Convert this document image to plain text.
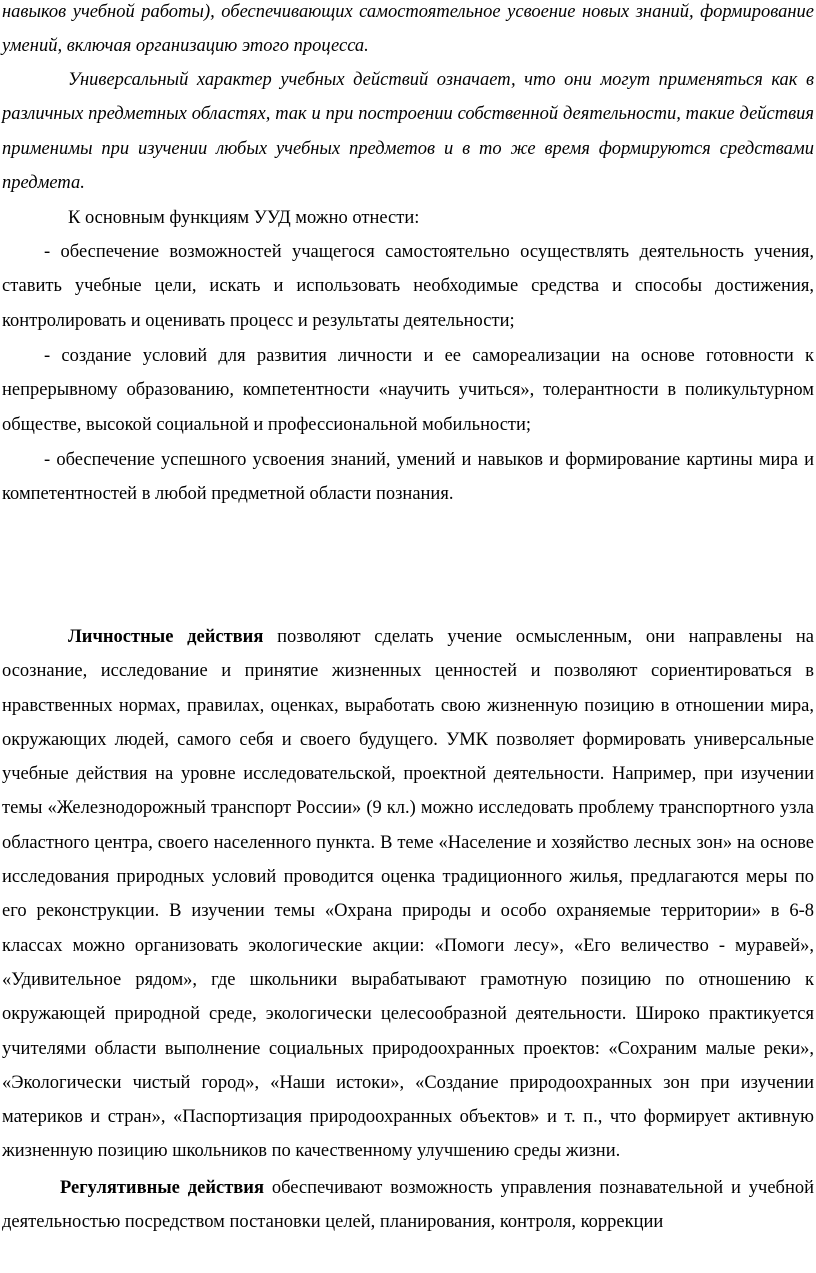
навыков учебной работы), обеспечивающих самостоятельное усвоение новых знаний, формирование умений, включая организацию этого процесса.

Универсальный характер учебных действий означает, что они могут применяться как в различных предметных областях, так и при построении собственной деятельности, такие действия применимы при изучении любых учебных предметов и в то же время формируются средствами предмета.

К основным функциям УУД можно отнести:

- обеспечение возможностей учащегося самостоятельно осуществлять деятельность учения, ставить учебные цели, искать и использовать необходимые средства и способы достижения, контролировать и оценивать процесс и результаты деятельности;

- создание условий для развития личности и ее самореализации на основе готовности к непрерывному образованию, компетентности «научить учиться», толерантности в поликультурном обществе, высокой социальной и профессиональной мобильности;

- обеспечение успешного усвоения знаний, умений и навыков и формирование картины мира и компетентностей в любой предметной области познания.

Личностные действия позволяют сделать учение осмысленным, они направлены на осознание, исследование и принятие жизненных ценностей и позволяют сориентироваться в нравственных нормах, правилах, оценках, выработать свою жизненную позицию в отношении мира, окружающих людей, самого себя и своего будущего. УМК позволяет формировать универсальные учебные действия на уровне исследовательской, проектной деятельности. Например, при изучении темы «Железнодорожный транспорт России» (9 кл.) можно исследовать проблему транспортного узла областного центра, своего населенного пункта. В теме «Население и хозяйство лесных зон» на основе исследования природных условий проводится оценка традиционного жилья, предлагаются меры по его реконструкции. В изучении темы «Охрана природы и особо охраняемые территории» в 6-8 классах можно организовать экологические акции: «Помоги лесу», «Его величество - муравей», «Удивительное рядом», где школьники вырабатывают грамотную позицию по отношению к окружающей природной среде, экологически целесообразной деятельности. Широко практикуется учителями области выполнение социальных природоохранных проектов: «Сохраним малые реки», «Экологически чистый город», «Наши истоки», «Создание природоохранных зон при изучении материков и стран», «Паспортизация природоохранных объектов» и т. п., что формирует активную жизненную позицию школьников по качественному улучшению среды жизни.

Регулятивные действия обеспечивают возможность управления познавательной и учебной деятельностью посредством постановки целей, планирования, контроля, коррекции
